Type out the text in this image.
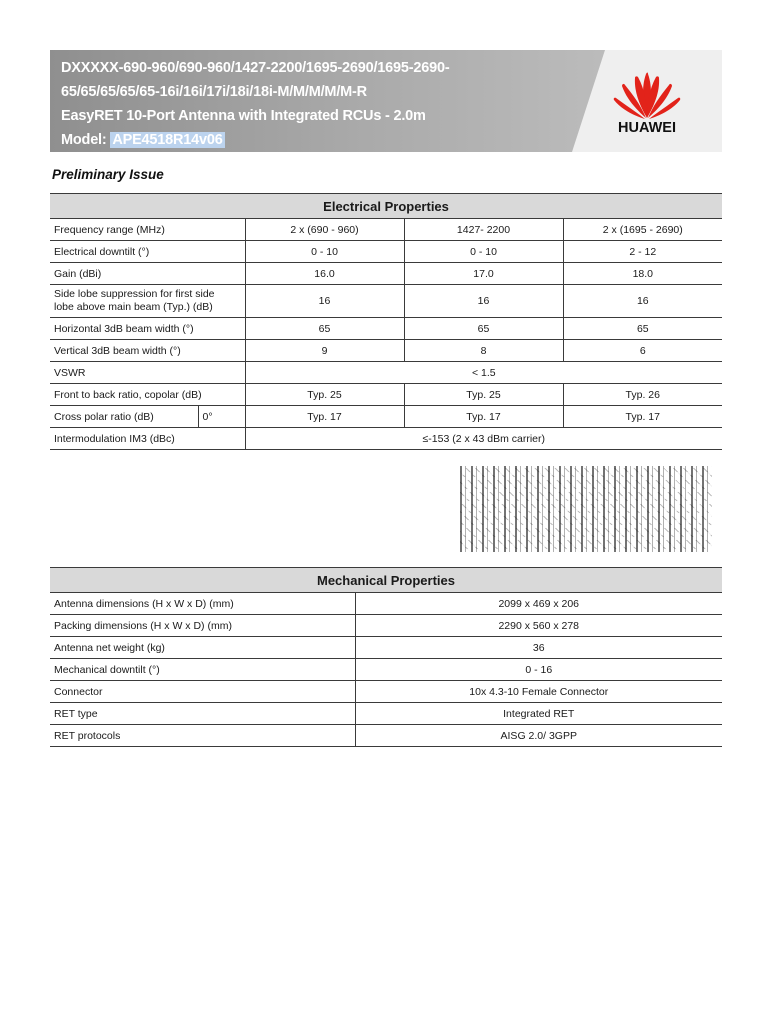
DXXXXX-690-960/690-960/1427-2200/1695-2690/1695-2690-
65/65/65/65/65-16i/16i/17i/18i/18i-M/M/M/M/M-R
EasyRET 10-Port Antenna with Integrated RCUs - 2.0m
Model: APE4518R14v06
HUAWEI
Preliminary Issue
Electrical Properties				
Frequency range (MHz)		2 x (690 - 960)	1427- 2200	2 x (1695 - 2690)
Electrical downtilt (°)		0 - 10	0 - 10	2 - 12
Gain (dBi)		16.0	17.0	18.0

Side lobe suppression for first side
lobe above main beam (Typ.) (dB)		16	16	16
Horizontal 3dB beam width (°)		65	65	65
Vertical 3dB beam width (°)		9	8	6
VSWR		< 1.5		
Front to back ratio, copolar (dB)		Typ. 25	Typ. 25	Typ. 26
Cross polar ratio (dB)	0°	Typ. 17	Typ. 17	Typ. 17
Intermodulation IM3 (dBc)		≤-153 (2 x 43 dBm carrier)		
Mechanical Properties	
Antenna dimensions (H x W x D) (mm)	2099 x 469 x 206
Packing dimensions (H x W x D) (mm)	2290 x 560 x 278
Antenna net weight (kg)	36
Mechanical downtilt (°)	0 - 16
Connector	10x 4.3-10 Female Connector
RET type	Integrated RET
RET protocols	AISG 2.0/ 3GPP
